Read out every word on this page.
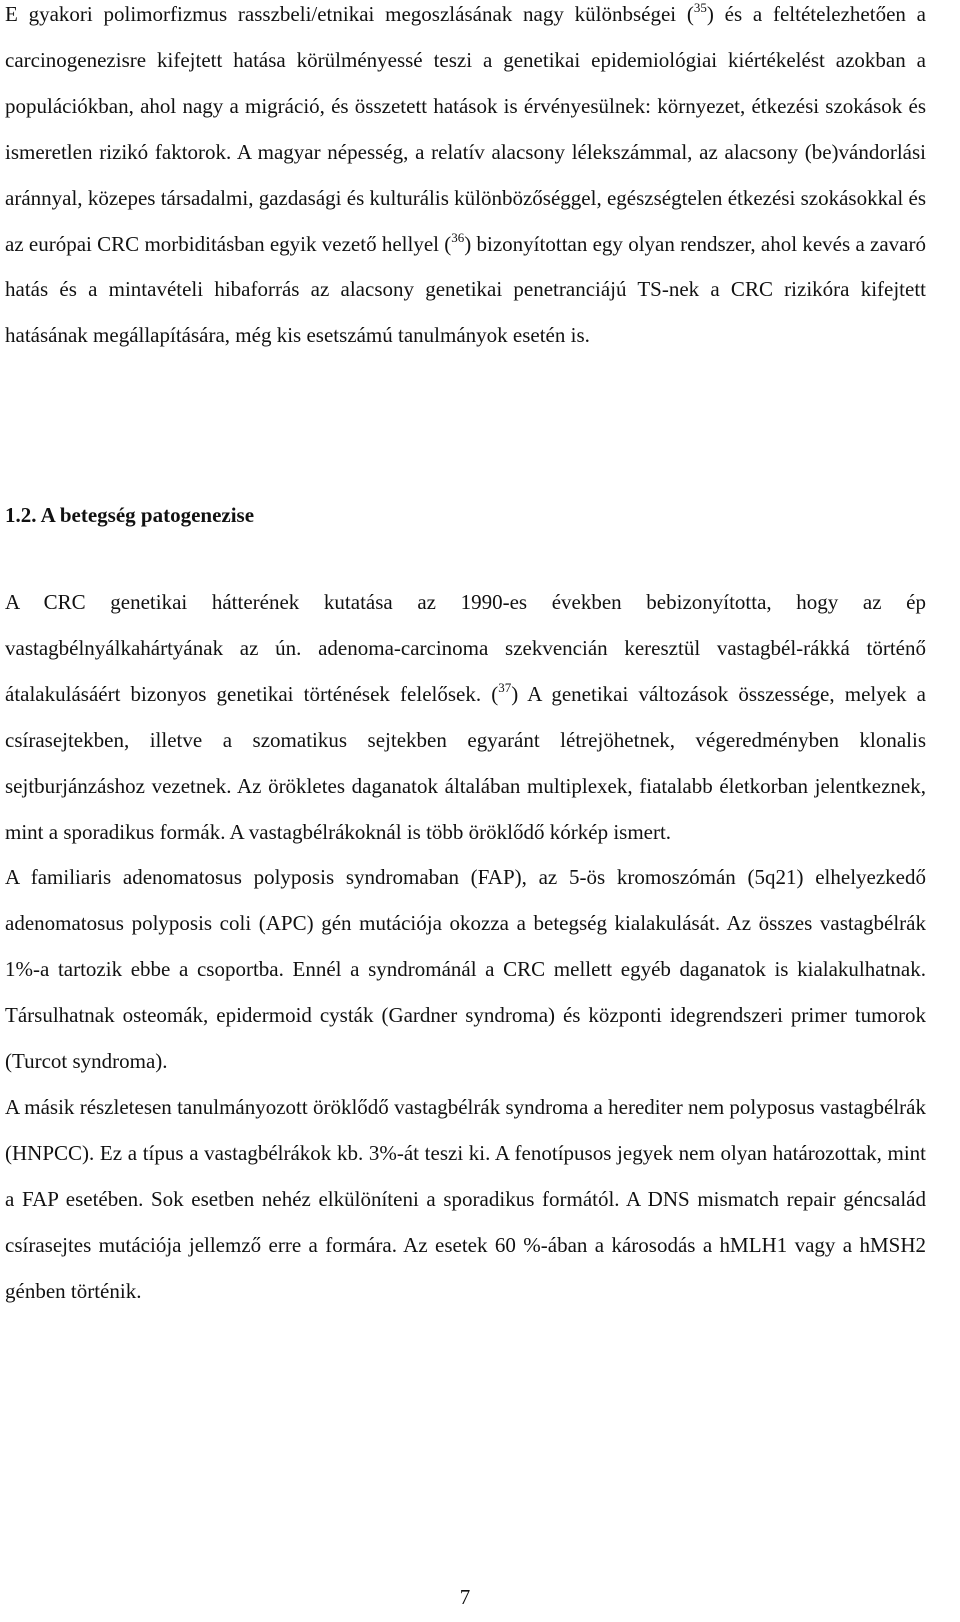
E gyakori polimorfizmus rasszbeli/etnikai megoszlásának nagy különbségei ($^{35}$) és a feltételezhetően a carcinogenezisre kifejtett hatása körülményessé teszi a genetikai epidemiológiai kiértékelést azokban a populációkban, ahol nagy a migráció, és összetett hatások is érvényesülnek: környezet, étkezési szokások és ismeretlen rizikó faktorok. A magyar népesség, a relatív alacsony lélekszámmal, az alacsony (be)vándorlási aránnyal, közepes társadalmi, gazdasági és kulturális különbözőséggel, egészségtelen étkezési szokásokkal és az európai CRC morbiditásban egyik vezető hellyel ($^{36}$) bizonyítottan egy olyan rendszer, ahol kevés a zavaró hatás és a mintavételi hibaforrás az alacsony genetikai penetranciájú TS-nek a CRC rizikóra kifejtett hatásának megállapítására, még kis esetszámú tanulmányok esetén is.

1.2. A betegség patogenezise

A CRC genetikai hátterének kutatása az 1990-es években bebizonyította, hogy az ép vastagbélnyálkahártyának az ún. adenoma-carcinoma szekvencián keresztül vastagbél-rákká történő átalakulásáért bizonyos genetikai történések felelősek. ($^{37}$) A genetikai változások összessége, melyek a csírasejtekben, illetve a szomatikus sejtekben egyaránt létrejöhetnek, végeredményben klonalis sejtburjánzáshoz vezetnek. Az örökletes daganatok általában multiplexek, fiatalabb életkorban jelentkeznek, mint a sporadikus formák. A vastagbélrákoknál is több öröklődő kórkép ismert.

A familiaris adenomatosus polyposis syndromaban (FAP), az 5-ös kromoszómán (5q21) elhelyezkedő adenomatosus polyposis coli (APC) gén mutációja okozza a betegség kialakulását. Az összes vastagbélrák 1%-a tartozik ebbe a csoportba. Ennél a syndrománál a CRC mellett egyéb daganatok is kialakulhatnak. Társulhatnak osteomák, epidermoid cysták (Gardner syndroma) és központi idegrendszeri primer tumorok (Turcot syndroma).

A másik részletesen tanulmányozott öröklődő vastagbélrák syndroma a herediter nem polyposus vastagbélrák (HNPCC). Ez a típus a vastagbélrákok kb. 3%-át teszi ki. A fenotípusos jegyek nem olyan határozottak, mint a FAP esetében. Sok esetben nehéz elkülöníteni a sporadikus formától. A DNS mismatch repair géncsalád csírasejtes mutációja jellemző erre a formára. Az esetek 60 %-ában a károsodás a hMLH1 vagy a hMSH2 génben történik.

7
